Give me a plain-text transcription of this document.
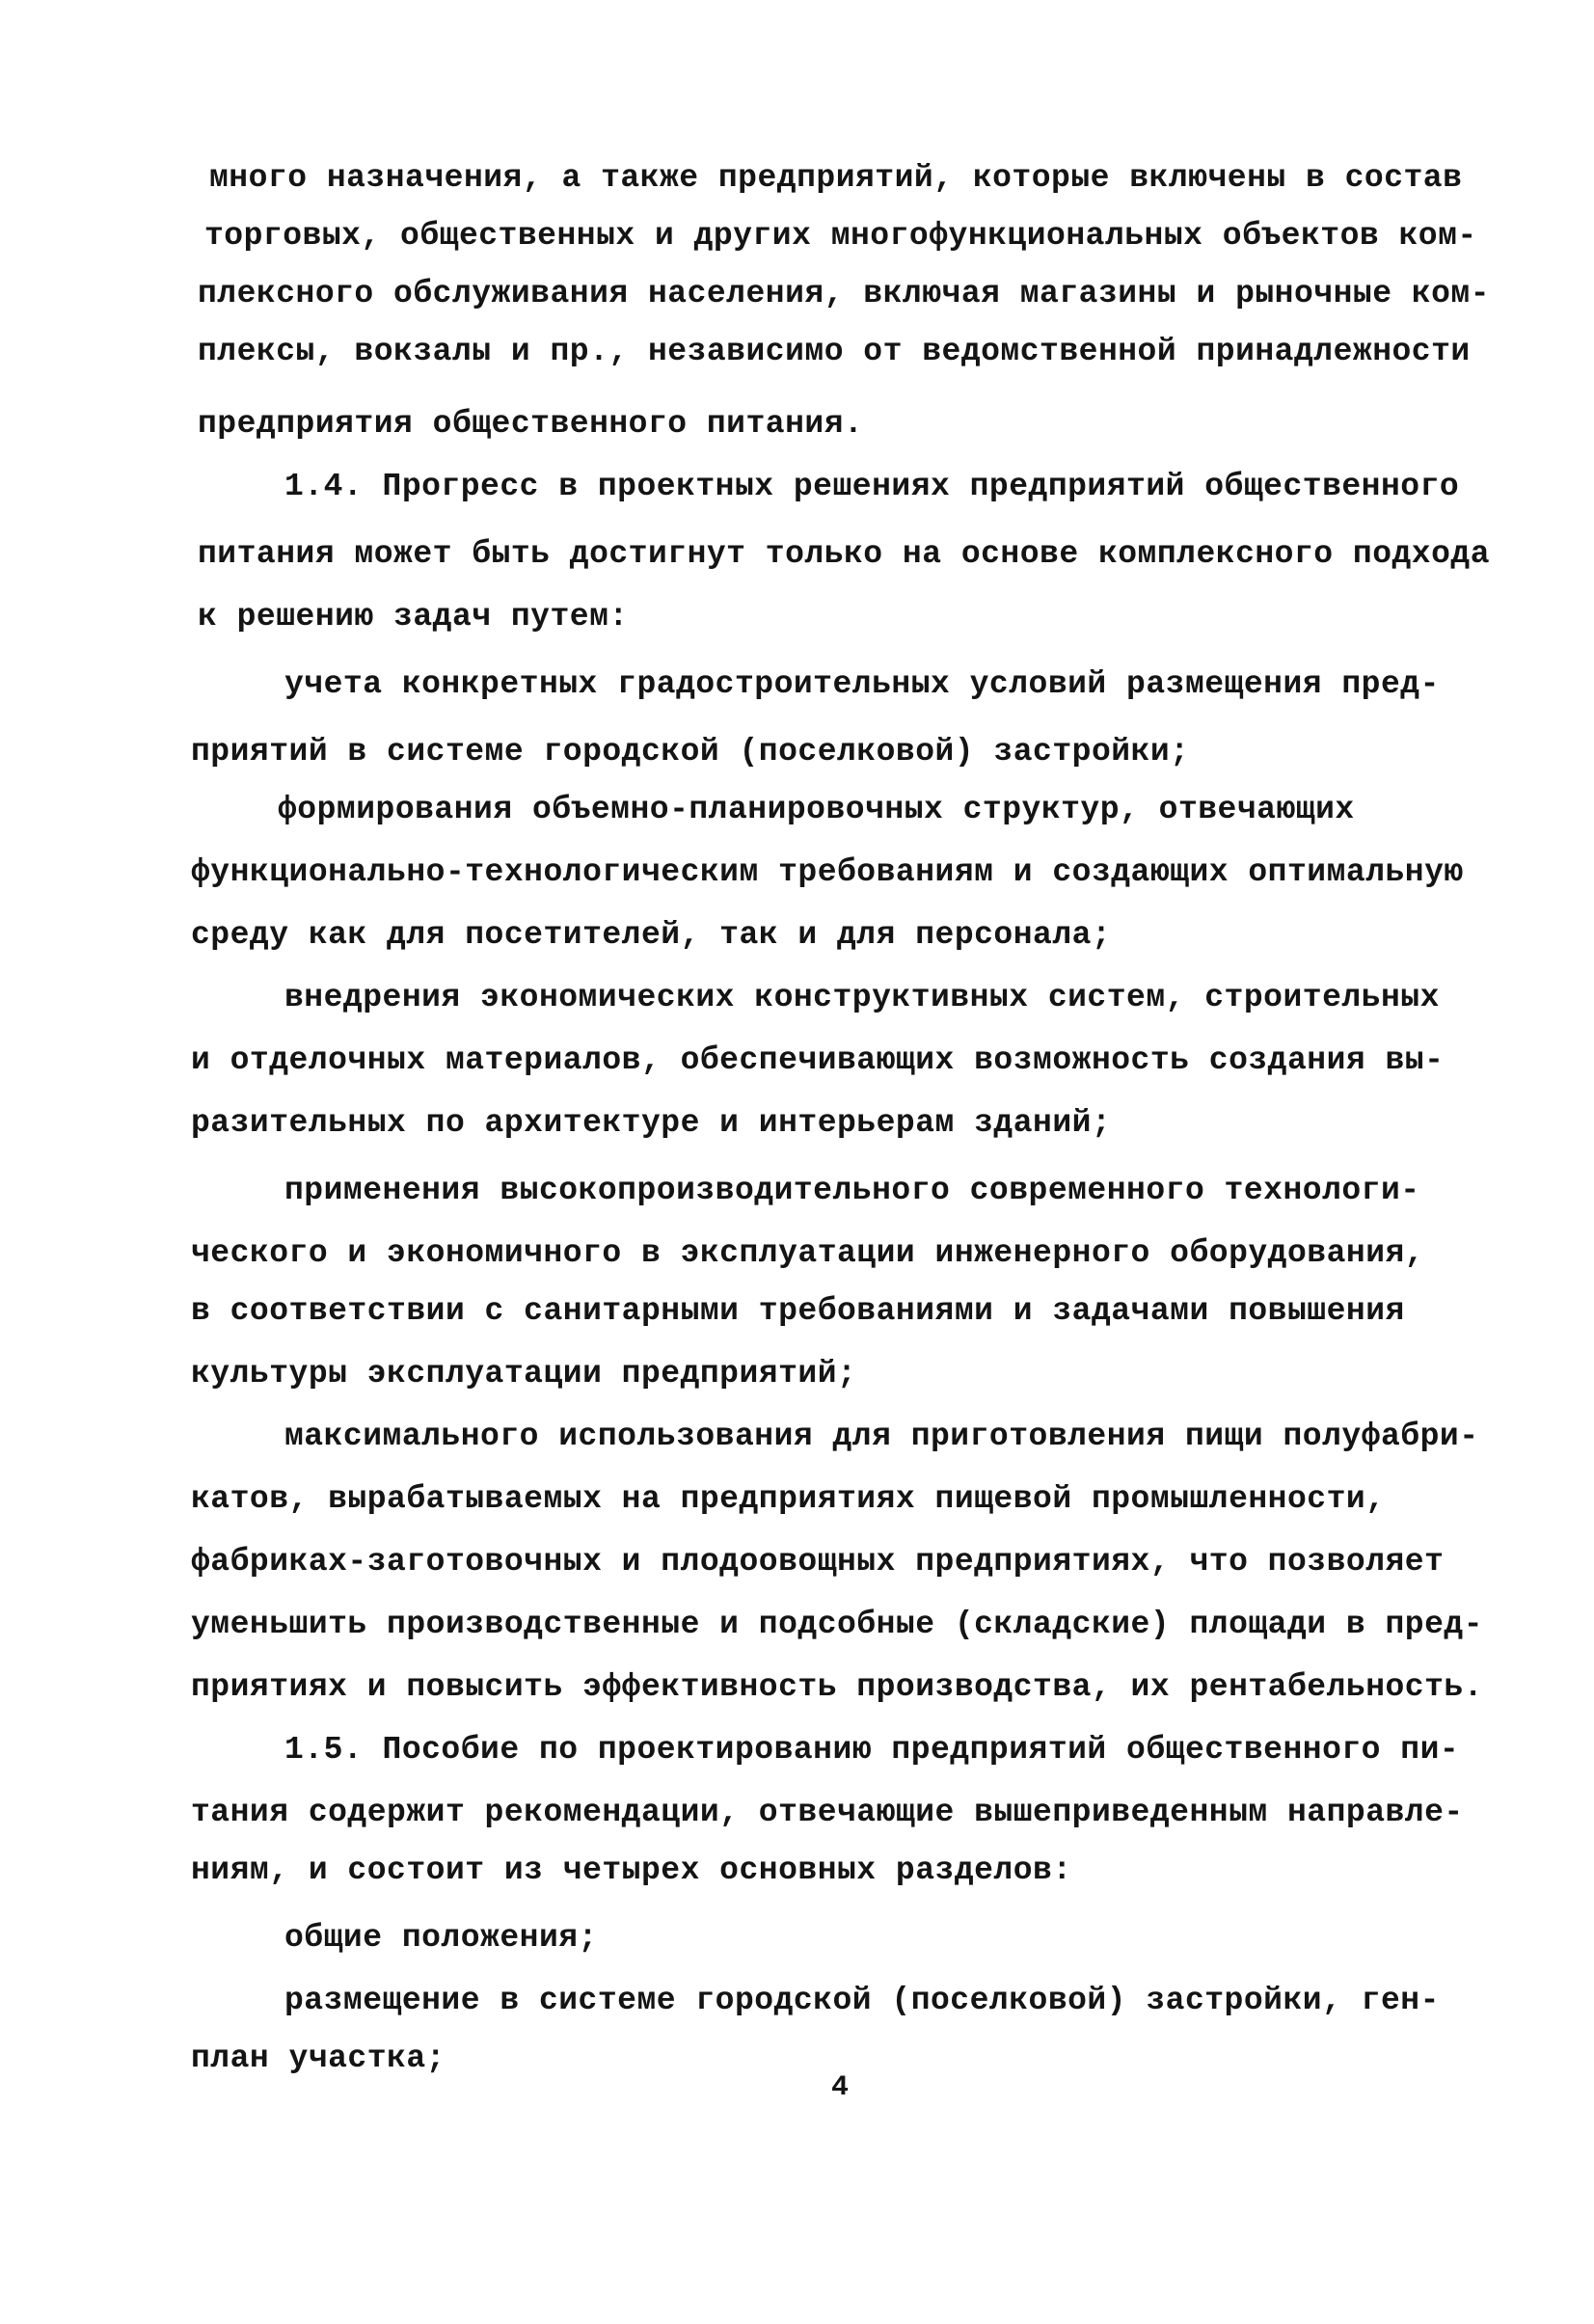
много назначения, а также предприятий, которые включены в состав
торговых, общественных и других многофункциональных объектов ком-
плексного обслуживания населения, включая магазины и рыночные ком-
плексы, вокзалы и пр., независимо от ведомственной принадлежности
предприятия общественного питания.
1.4. Прогресс в проектных решениях предприятий общественного
питания может быть достигнут только на основе комплексного подхода
к решению задач путем:
учета конкретных градостроительных условий размещения пред-
приятий в системе городской (поселковой) застройки;
формирования объемно-планировочных структур, отвечающих
функционально-технологическим требованиям и создающих оптимальную
среду как для посетителей, так и для персонала;
внедрения экономических конструктивных систем, строительных
и отделочных материалов, обеспечивающих возможность создания вы-
разительных по архитектуре и интерьерам зданий;
применения высокопроизводительного современного технологи-
ческого и экономичного в эксплуатации инженерного оборудования,
в соответствии с санитарными требованиями и задачами повышения
культуры эксплуатации предприятий;
максимального использования для приготовления пищи полуфабри-
катов, вырабатываемых на предприятиях пищевой промышленности,
фабриках-заготовочных и плодоовощных предприятиях, что позволяет
уменьшить производственные и подсобные (складские) площади в пред-
приятиях и повысить эффективность производства, их рентабельность.
1.5. Пособие по проектированию предприятий общественного пи-
тания содержит рекомендации, отвечающие вышеприведенным направле-
ниям, и состоит из четырех основных разделов:
общие положения;
размещение в системе городской (поселковой) застройки, ген-
план участка;
4
